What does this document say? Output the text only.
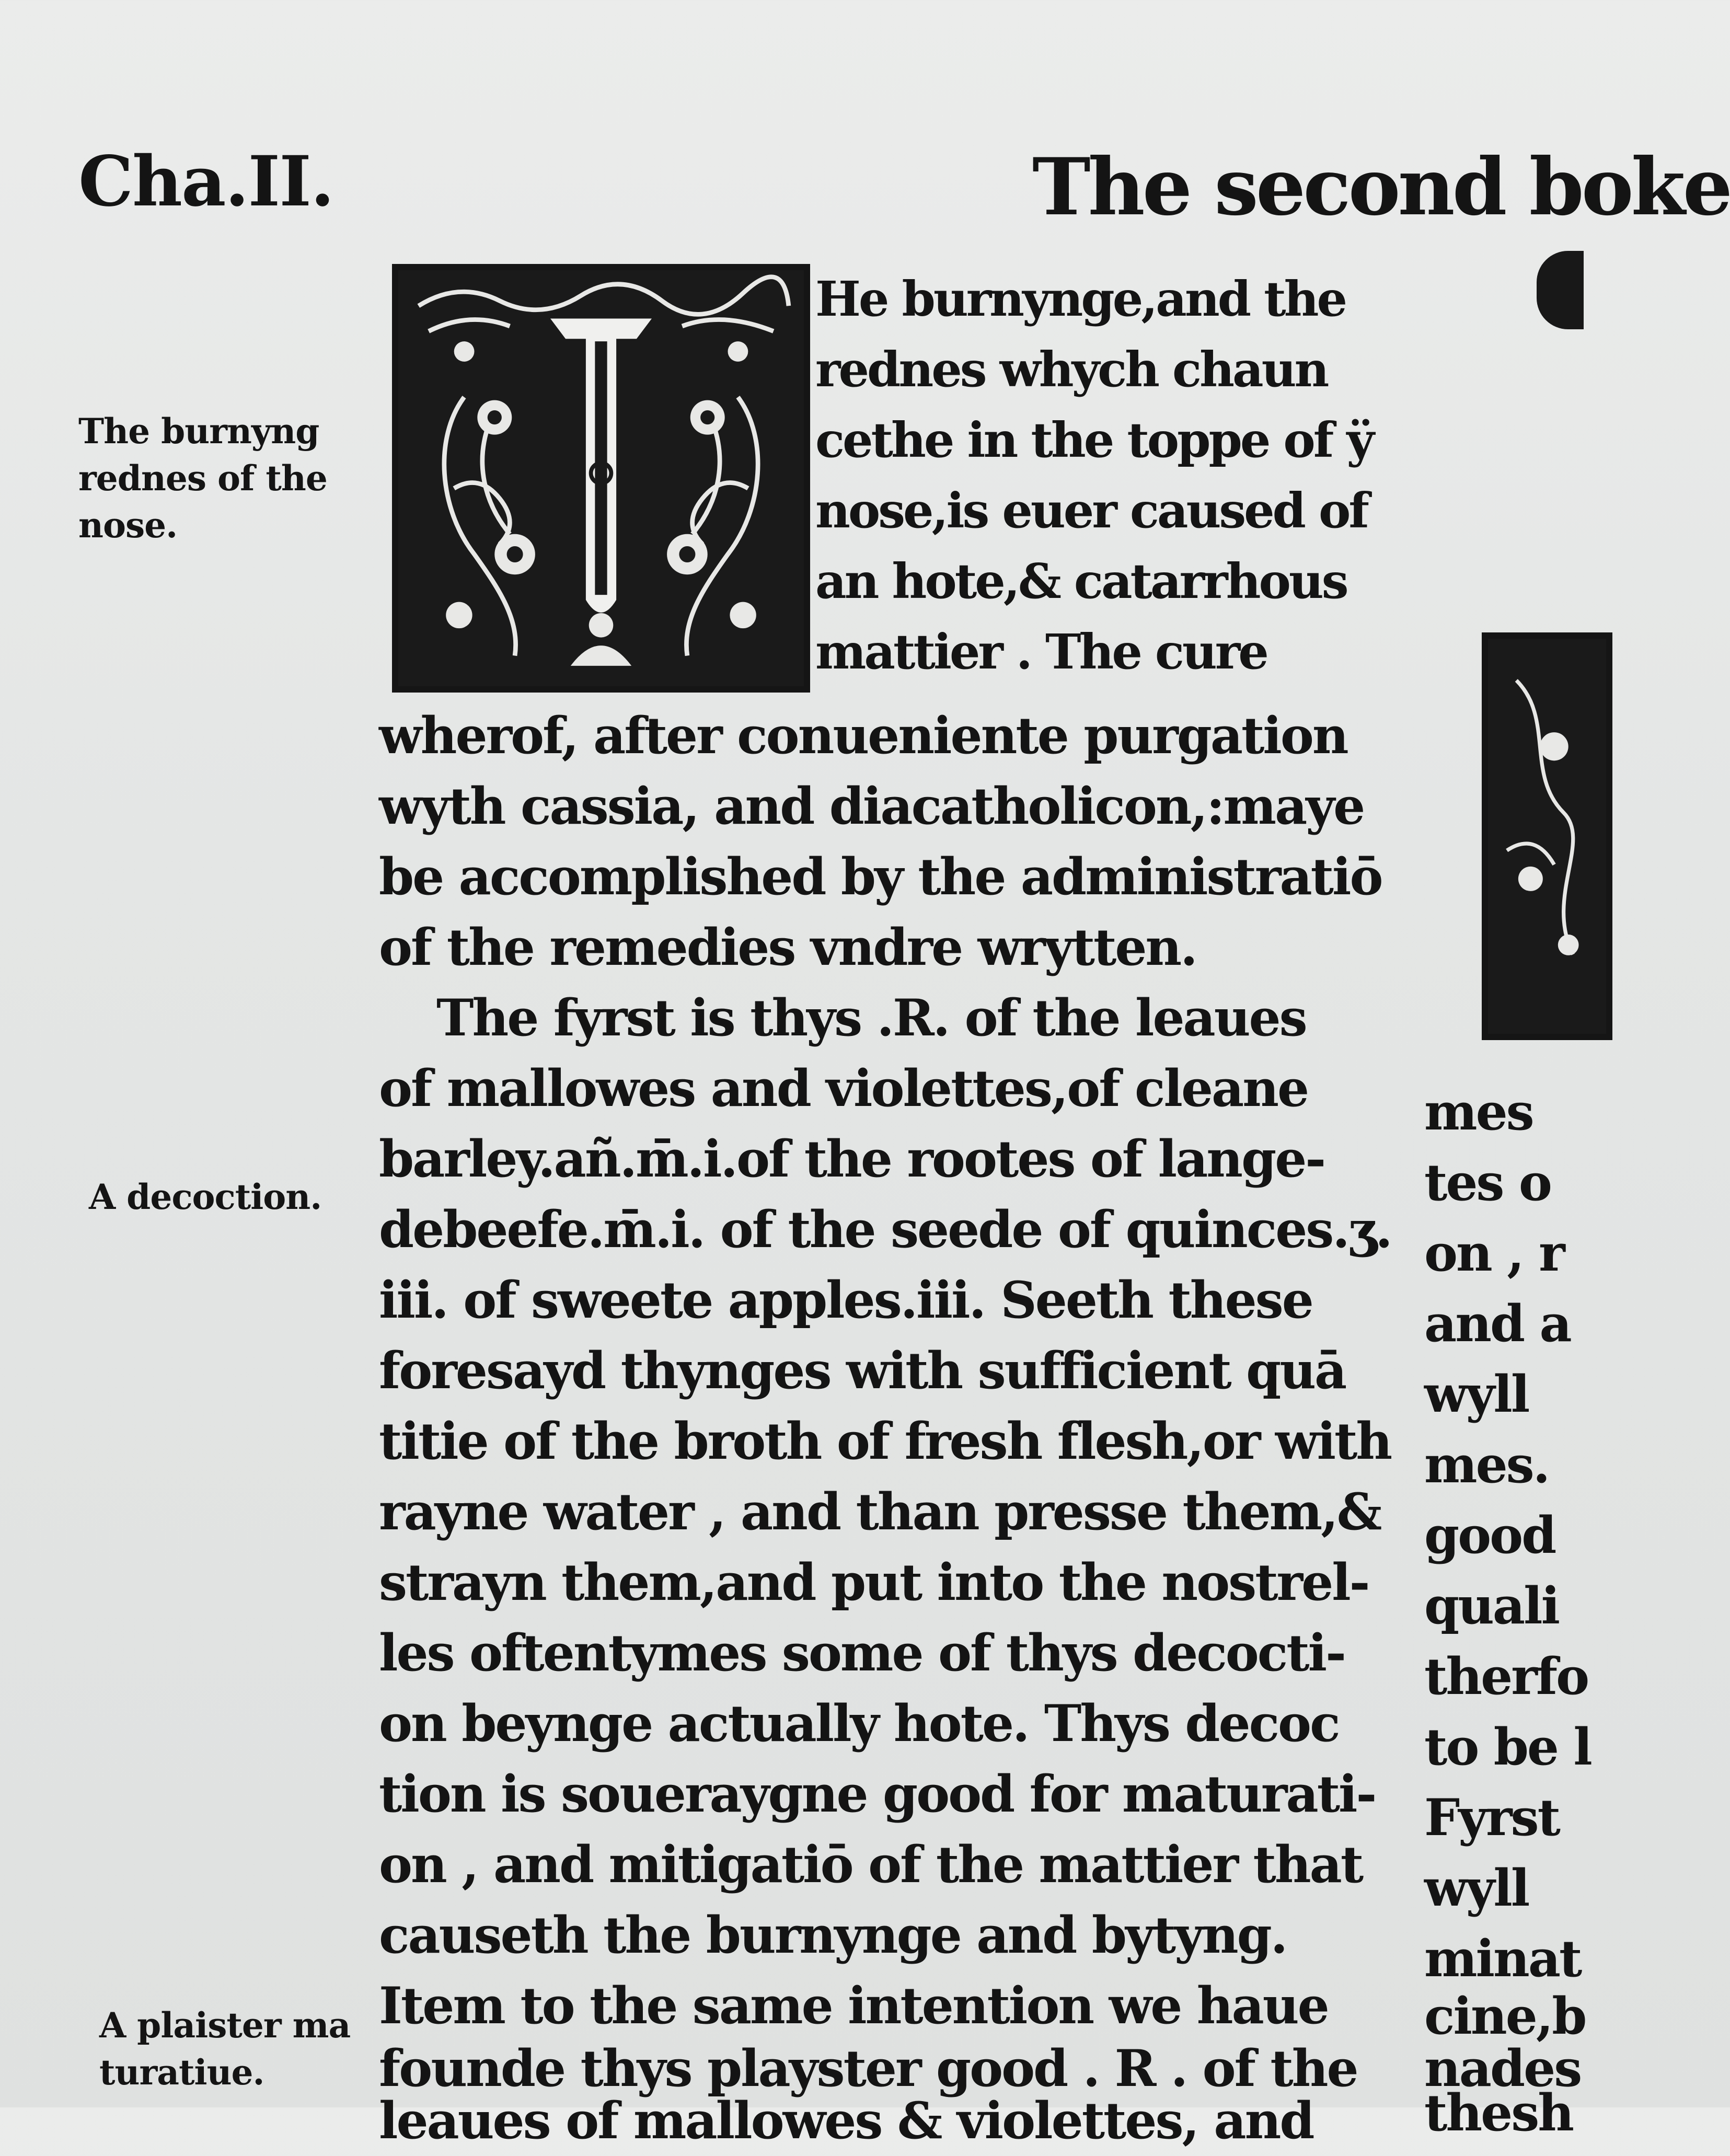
Cha.II.	The second boke
The burnyng
rednes of the
nose.
A decoction.
A plaister ma
turatiue.
He burnynge,and the
rednes whych chaun
cethe in the toppe of ÿ
nose,is euer caused of
an hote,& catarrhous
mattier . The cure
wherof, after conueniente purgation
wyth cassia, and diacatholicon,:maye
be accomplished by the administratiō
of the remedies vndre wrytten.
The fyrst is thys .R. of the leaues
of mallowes and violettes,of cleane
barley.añ.m̄.i.of the rootes of lange-
debeefe.m̄.i. of the seede of quinces.ʒ.
iii. of sweete apples.iii. Seeth these
foresayd thynges with sufficient quā
titie of the broth of fresh flesh,or with
rayne water , and than presse them,&
strayn them,and put into the nostrel-
les oftentymes some of thys decocti-
on beynge actually hote. Thys decoc
tion is soueraygne good for maturati-
on , and mitigatiō of the mattier that
causeth the burnynge and bytyng.
Item to the same intention we haue
founde thys playster good . R . of the
leaues of mallowes & violettes, and
mes
tes o
on , r
and a
wyll
mes.
good
quali
therfo
to be l
Fyrst
wyll
minat
cine,b
nades
thesh
